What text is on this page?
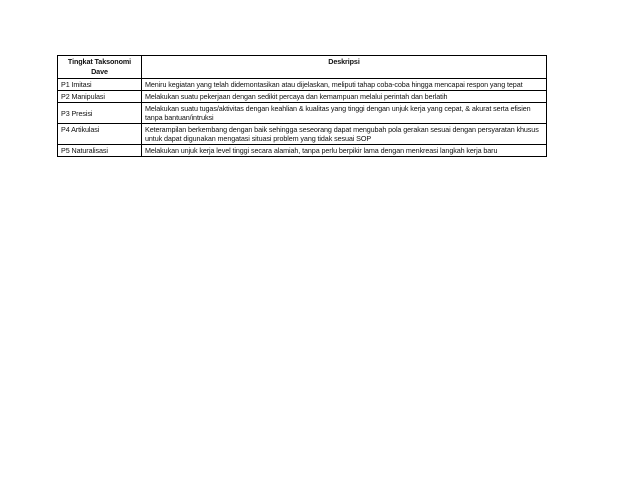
Tingkat Taksonomi Dave	Deskripsi
P1 Imitasi	Meniru kegiatan yang telah didemontasikan atau dijelaskan, meliputi tahap coba-coba hingga mencapai respon yang tepat
P2 Manipulasi	Melakukan suatu pekerjaan dengan sedikit percaya dan kemampuan melalui perintah dan berlatih
P3 Presisi	Melakukan suatu tugas/aktivitas dengan keahlian & kualitas yang tinggi dengan unjuk kerja yang cepat, & akurat serta efisien tanpa bantuan/intruksi
P4 Artikulasi	Keterampilan berkembang dengan baik sehingga seseorang dapat mengubah pola gerakan sesuai dengan persyaratan khusus untuk dapat digunakan mengatasi situasi problem yang tidak sesuai SOP
P5 Naturalisasi	Melakukan unjuk kerja level tinggi secara alamiah, tanpa perlu berpikir lama dengan menkreasi langkah kerja baru
